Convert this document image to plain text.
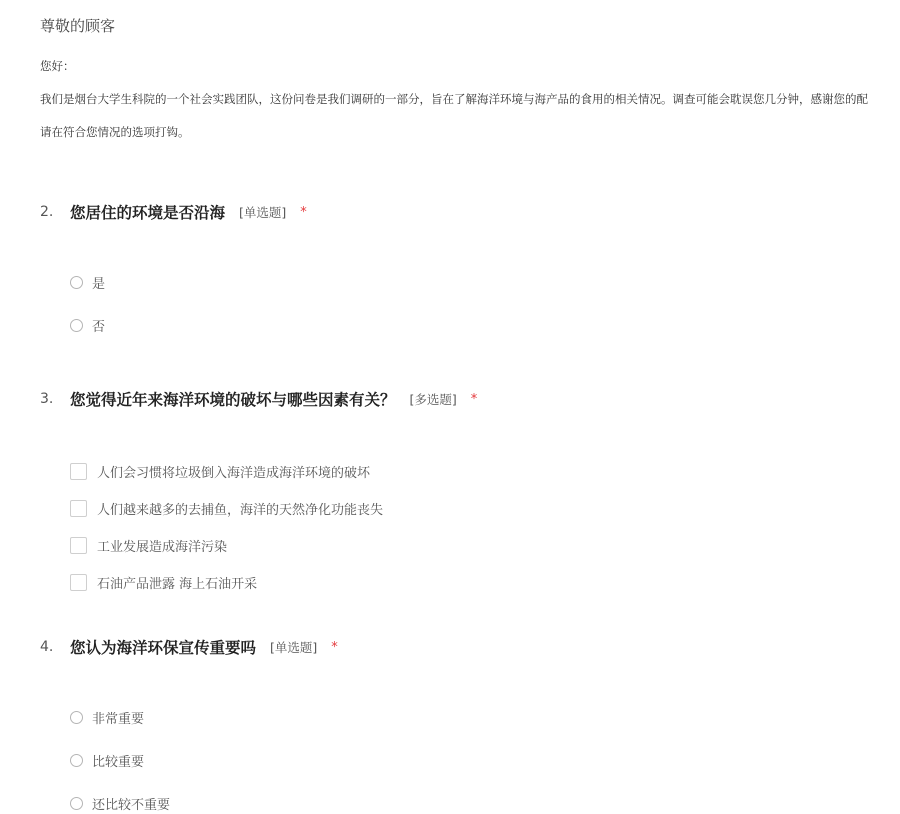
尊敬的顾客
您好：
我们是烟台大学生科院的一个社会实践团队，这份问卷是我们调研的一部分，旨在了解海洋环境与海产品的食用的相关情况。调查可能会耽误您几分钟，感谢您的配
请在符合您情况的选项打钩。
2.	您居住的环境是否沿海 [单选题] *
是
否
3.	您觉得近年来海洋环境的破坏与哪些因素有关？ [多选题] *
人们会习惯将垃圾倒入海洋造成海洋环境的破坏
人们越来越多的去捕鱼，海洋的天然净化功能丧失
工业发展造成海洋污染
石油产品泄露 海上石油开采
4.	您认为海洋环保宣传重要吗 [单选题] *
非常重要
比较重要
还比较不重要
